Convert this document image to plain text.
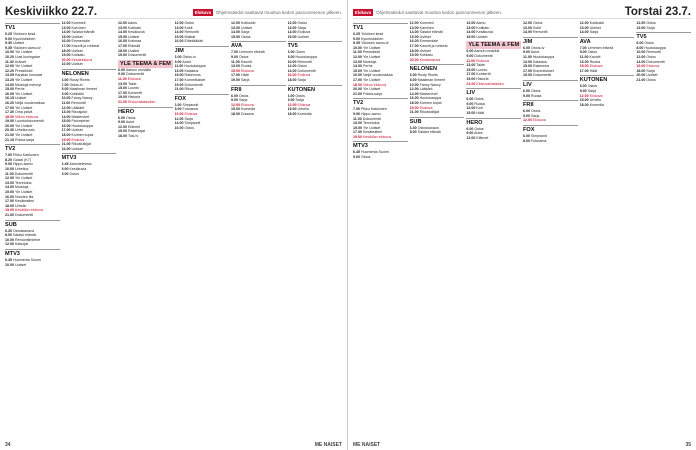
Keskiviikko 22.7.	Elokuva	Ohjelmatiedot saattavat muuttua tiedon painoonmenon jälkeen.
TV1
6.25 Ykkösen kesä
9.00 Kyumiokkinen
9.30 Uutiset
9.35 Ykkösen aamu-tv
10.00 Yle Uutiset
10.20 Uusi kuningatar
11.40 Uutiset
12.00 Yle Uutiset
12.20 Pressiklubi
13.05 Karjalan kunnaat
13.20 Yle Uutiset
14.00 Muistoja mennyt
15.00 Perhe
16.00 Yle Uutiset
16.15 Uutiset
16.20 Neljä vuodenaikaa
17.00 Yle Uutiset
17.30 Oma päivä
18.00 Viikon elokuva
19.00 Luontodokumentti
20.00 Yle Uutiset
20.30 Urheiluruutu
21.00 Yle Uutiset
21.15 Pokka-sarja
TV2
7.00 Pikku Kakkonen
8.20 Galaxi (K7)
9.00 Hippo-aamu
10.00 Urheilua
11.00 Dokumentti
12.00 Yle Uutiset
13.00 Tervetuloa
14.00 Muistoja
15.00 Yle Uutiset
16.00 Nuorten ilta
17.00 Kesäteatteri
18.00 Urheilu
19.00 Kesäillan elokuva
21.00 Dokumentti
SUB
6.30 Ostoskanava
8.00 Salatut elämät
10.00 Remonttimiehet
12.00 Katsojat
MTV3
6.45 Huomenta Suomi
10.00 Uutiset
12.00 Kummeli
13.00 Karvinen
14.00 Salatut elämät
15.00 Uutiset
16.00 Emmerdale
17.00 Kauniit ja rohkeat
18.00 Uutiset
19.00 Kotikatu
20.00 Kesäelokuva
22.00 Uutiset
NELONEN
6.00 Rusty Rivets
7.00 Ostos-tv
8.00 Maailman ihmeet
9.00 Kotikokki
10.00 Fancy Nancy
11.00 Remontti
12.00 Lääkärit
13.00 Rikosjutut
14.00 Masterchef
15.00 Palomiehet
16.00 Huutokauppa
17.00 Uutiset
18.00 Kolmen kopla
19.00 Elokuva
21.00 Rikostutkijat
22.00 Uutiset
MTV3
6.45 Aamutelevisio
8.00 Kesäkuvia
9.00 Ostos
12.00 Aamu
13.00 Kotikatu
14.00 Kesäkuvia
15.00 Uutiset
16.00 Kotimaa
17.00 Elämää
18.00 Uutiset
19.00 Dokumentti
YLE TEEMA & FEM
6.00 Aamun musiikki
9.00 Dokumentti
11.00 Elokuva
13.00 Taide
15.00 Luonto
17.00 Konsertti
19.00 Historia
21.00 Elokuvaklassikko
HERO
6.00 Ostos
9.00 Autot
12.00 Eläimet
15.00 Rakentajat
18.00 Tosi-tv
12.00 Ostos
13.00 Kokit
14.00 Remontti
15.00 Matkat
16.00 Eläinlääkäri
JIM
6.00 Ostos-tv
9.00 Autot
11.00 Huutokauppa
13.00 Kalastus
15.00 Rakennus
17.00 Kummitukset
19.00 Dokumentti
21.00 Rikos
FOX
6.00 Simpsonit
8.00 Futurama
10.00 Elokuva
12.00 Sarja
14.00 Simpsonit
16.00 Ostos
12.00 Kotikokki
13.00 Uutiset
14.00 Sarja
15.00 Ostos
AVA
7.00 Lemmen etsintä
9.00 Ostos
11.00 Kauniit
13.00 Ruoka
15.00 Elokuva
17.00 Häät
19.00 Sarja
FRII
6.00 Ostos
9.00 Sarja
12.00 Elokuva
15.00 Komedia
18.00 Draama
12.00 Ostos
13.00 Sarja
14.00 Elokuva
15.00 Uutiset
TV5
6.00 Ostos
8.00 Huutokauppa
10.00 Remontti
12.00 Ostos
14.00 Dokumentti
16.00 Elokuva
18.00 Sarja
KUTONEN
6.00 Ostos
9.00 Sarja
12.00 Elokuva
15.00 Urheilu
18.00 Komedia
34	ME NAISET
Elokuva	Ohjelmatiedot saattavat muuttua tiedon painoonmenon jälkeen.	Torstai 23.7.
TV1
6.25 Ykkösen kesä
9.00 Kyumiokkinen
9.35 Ykkösen aamu-tv
10.00 Yle Uutiset
11.00 Pressiklubi
12.00 Yle Uutiset
13.00 Muistoja
14.00 Perhe
15.00 Yle Uutiset
16.00 Neljä vuodenaikaa
17.00 Yle Uutiset
18.00 Viikon elokuva
20.00 Yle Uutiset
21.00 Pokka-sarja
TV2
7.00 Pikku Kakkonen
9.00 Hippo-aamu
11.00 Dokumentti
13.00 Tervetuloa
15.00 Yle Uutiset
17.00 Kesäteatteri
19.00 Kesäillan elokuva
MTV3
6.45 Huomenta Suomi
9.00 Ostos
12.00 Kummeli
13.00 Karvinen
14.00 Salatut elämät
15.00 Uutiset
16.00 Emmerdale
17.00 Kauniit ja rohkeat
18.00 Uutiset
19.00 Kotikatu
20.00 Kesäelokuva
NELONEN
6.00 Rusty Rivets
8.00 Maailman ihmeet
10.00 Fancy Nancy
12.00 Lääkärit
14.00 Masterchef
16.00 Huutokauppa
18.00 Kolmen kopla
19.00 Elokuva
21.00 Rikostutkijat
SUB
6.30 Ostoskanava
8.00 Salatut elämät
12.00 Aamu
13.00 Kotikatu
14.00 Kesäkuvia
15.00 Uutiset
YLE TEEMA & FEM
6.00 Aamun musiikki
9.00 Dokumentti
11.00 Elokuva
13.00 Taide
15.00 Luonto
17.00 Konsertti
19.00 Historia
21.00 Elokuvaklassikko
LIV
6.00 Ostos
9.00 Ruoka
12.00 Koti
15.00 Häät
HERO
6.00 Ostos
9.00 Autot
12.00 Eläimet
12.00 Ostos
13.00 Kokit
14.00 Remontti
JIM
6.00 Ostos-tv
9.00 Autot
11.00 Huutokauppa
13.00 Kalastus
15.00 Rakennus
17.00 Kummitukset
19.00 Dokumentti
LIV
6.00 Ostos
9.00 Ruoka
FRII
6.00 Ostos
9.00 Sarja
12.00 Elokuva
FOX
6.00 Simpsonit
8.00 Futurama
12.00 Kotikokki
13.00 Uutiset
14.00 Sarja
AVA
7.00 Lemmen etsintä
9.00 Ostos
11.00 Kauniit
13.00 Ruoka
15.00 Elokuva
17.00 Häät
KUTONEN
6.00 Ostos
9.00 Sarja
12.00 Elokuva
15.00 Urheilu
18.00 Komedia
12.00 Ostos
13.00 Sarja
TV5
6.00 Ostos
8.00 Huutokauppa
10.00 Remontti
12.00 Ostos
14.00 Dokumentti
16.00 Elokuva
18.00 Sarja
20.00 Uutiset
21.00 Ostos
ME NAISET	35
